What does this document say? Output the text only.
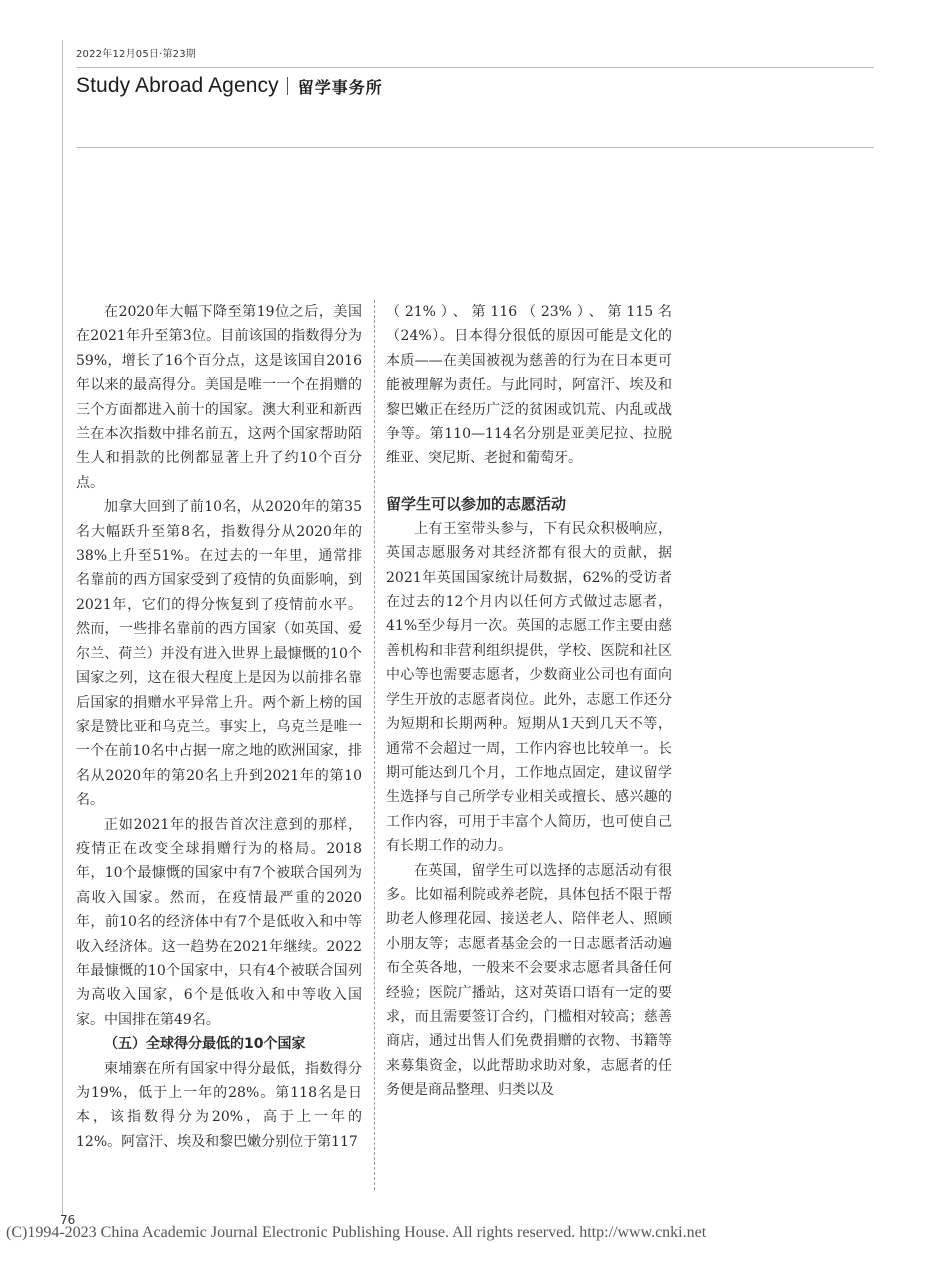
2022年12月05日·第23期
Study Abroad Agency 留学事务所

在2020年大幅下降至第19位之后，美国在2021年升至第3位。目前该国的指数得分为59%，增长了16个百分点，这是该国自2016年以来的最高得分。美国是唯一一个在捐赠的三个方面都进入前十的国家。澳大利亚和新西兰在本次指数中排名前五，这两个国家帮助陌生人和捐款的比例都显著上升了约10个百分点。

加拿大回到了前10名，从2020年的第35名大幅跃升至第8名，指数得分从2020年的38%上升至51%。在过去的一年里，通常排名靠前的西方国家受到了疫情的负面影响，到2021年，它们的得分恢复到了疫情前水平。然而，一些排名靠前的西方国家（如英国、爱尔兰、荷兰）并没有进入世界上最慷慨的10个国家之列，这在很大程度上是因为以前排名靠后国家的捐赠水平异常上升。两个新上榜的国家是赞比亚和乌克兰。事实上，乌克兰是唯一一个在前10名中占据一席之地的欧洲国家，排名从2020年的第20名上升到2021年的第10名。

正如2021年的报告首次注意到的那样，疫情正在改变全球捐赠行为的格局。2018年，10个最慷慨的国家中有7个被联合国列为高收入国家。然而，在疫情最严重的2020年，前10名的经济体中有7个是低收入和中等收入经济体。这一趋势在2021年继续。2022年最慷慨的10个国家中，只有4个被联合国列为高收入国家，6个是低收入和中等收入国家。中国排在第49名。

（五）全球得分最低的10个国家

柬埔寨在所有国家中得分最低，指数得分为19%，低于上一年的28%。第118名是日本，该指数得分为20%，高于上一年的12%。阿富汗、埃及和黎巴嫩分别位于第117

（21%）、第116（23%）、第115名（24%）。日本得分很低的原因可能是文化的本质——在美国被视为慈善的行为在日本更可能被理解为责任。与此同时，阿富汗、埃及和黎巴嫩正在经历广泛的贫困或饥荒、内乱或战争等。第110—114名分别是亚美尼拉、拉脱维亚、突尼斯、老挝和葡萄牙。

留学生可以参加的志愿活动

上有王室带头参与，下有民众积极响应，英国志愿服务对其经济都有很大的贡献，据2021年英国国家统计局数据，62%的受访者在过去的12个月内以任何方式做过志愿者，41%至少每月一次。英国的志愿工作主要由慈善机构和非营利组织提供，学校、医院和社区中心等也需要志愿者，少数商业公司也有面向学生开放的志愿者岗位。此外，志愿工作还分为短期和长期两种。短期从1天到几天不等，通常不会超过一周，工作内容也比较单一。长期可能达到几个月，工作地点固定，建议留学生选择与自己所学专业相关或擅长、感兴趣的工作内容，可用于丰富个人简历，也可使自己有长期工作的动力。

在英国，留学生可以选择的志愿活动有很多。比如福利院或养老院，具体包括不限于帮助老人修理花园、接送老人、陪伴老人、照顾小朋友等；志愿者基金会的一日志愿者活动遍布全英各地，一般来不会要求志愿者具备任何经验；医院广播站，这对英语口语有一定的要求，而且需要签订合约，门槛相对较高；慈善商店，通过出售人们免费捐赠的衣物、书籍等来募集资金，以此帮助求助对象，志愿者的任务便是商品整理、归类以及

76
(C)1994-2023 China Academic Journal Electronic Publishing House. All rights reserved. http://www.cnki.net
